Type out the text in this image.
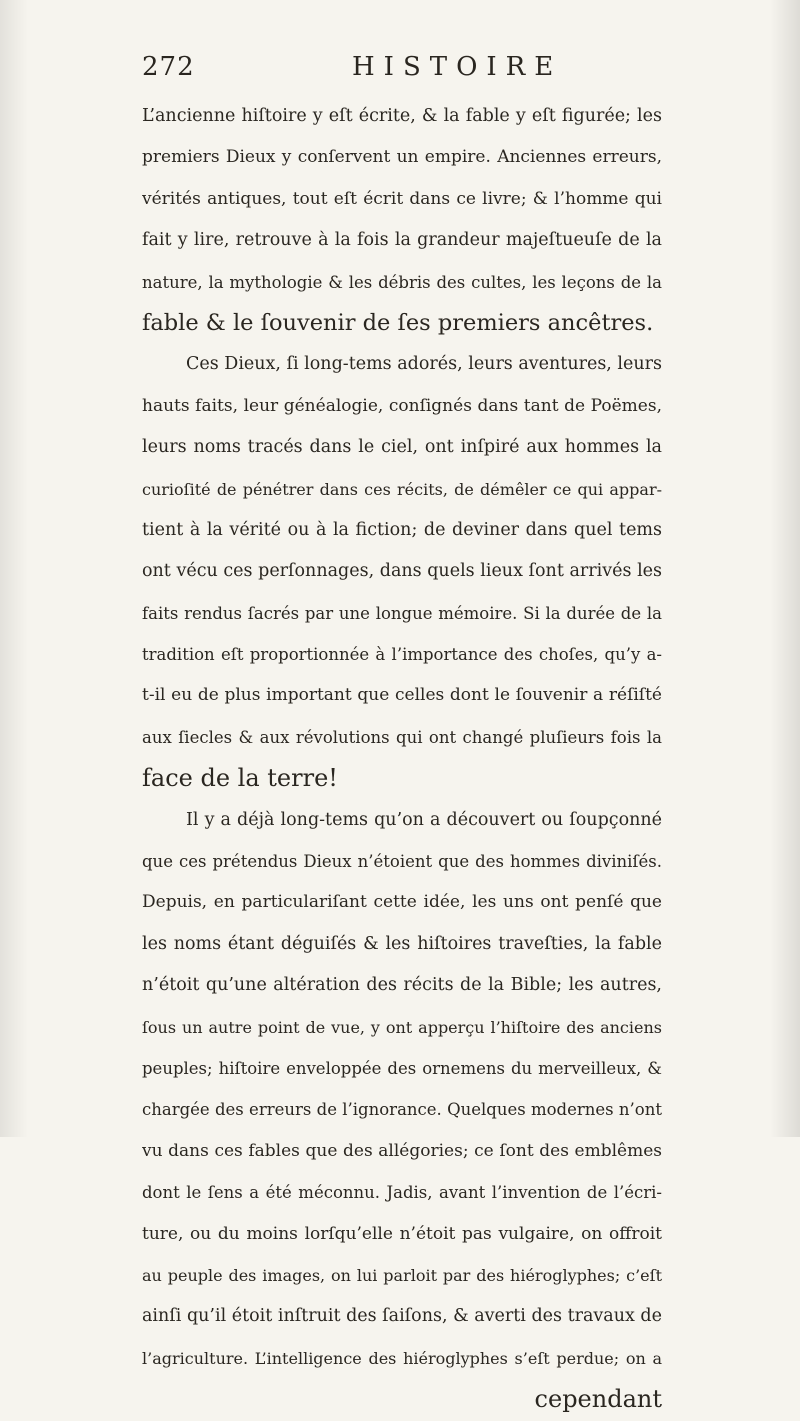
272	HISTOIRE
L’ancienne hiſtoire y eſt écrite, & la fable y eſt figurée; les
premiers Dieux y conſervent un empire. Anciennes erreurs,
vérités antiques, tout eſt écrit dans ce livre; & l’homme qui
fait y lire, retrouve à la fois la grandeur majeſtueuſe de la
nature, la mythologie & les débris des cultes, les leçons de la
fable & le ſouvenir de ſes premiers ancêtres.
Ces Dieux, ſi long-tems adorés, leurs aventures, leurs
hauts faits, leur généalogie, conſignés dans tant de Poëmes,
leurs noms tracés dans le ciel, ont inſpiré aux hommes la
curioſité de pénétrer dans ces récits, de démêler ce qui appar-
tient à la vérité ou à la fiction; de deviner dans quel tems
ont vécu ces perſonnages, dans quels lieux ſont arrivés les
faits rendus ſacrés par une longue mémoire. Si la durée de la
tradition eſt proportionnée à l’importance des choſes, qu’y a-
t-il eu de plus important que celles dont le ſouvenir a réſiſté
aux ſiecles & aux révolutions qui ont changé pluſieurs fois la
face de la terre!
Il y a déjà long-tems qu’on a découvert ou ſoupçonné
que ces prétendus Dieux n’étoient que des hommes diviniſés.
Depuis, en particulariſant cette idée, les uns ont penſé que
les noms étant déguiſés & les hiſtoires traveſties, la fable
n’étoit qu’une altération des récits de la Bible; les autres,
ſous un autre point de vue, y ont apperçu l’hiſtoire des anciens
peuples; hiſtoire enveloppée des ornemens du merveilleux, &
chargée des erreurs de l’ignorance. Quelques modernes n’ont
vu dans ces fables que des allégories; ce ſont des emblêmes
dont le ſens a été méconnu. Jadis, avant l’invention de l’écri-
ture, ou du moins lorſqu’elle n’étoit pas vulgaire, on offroit
au peuple des images, on lui parloit par des hiéroglyphes; c’eſt
ainſi qu’il étoit inſtruit des ſaiſons, & averti des travaux de
l’agriculture. L’intelligence des hiéroglyphes s’eſt perdue; on a
cependant
